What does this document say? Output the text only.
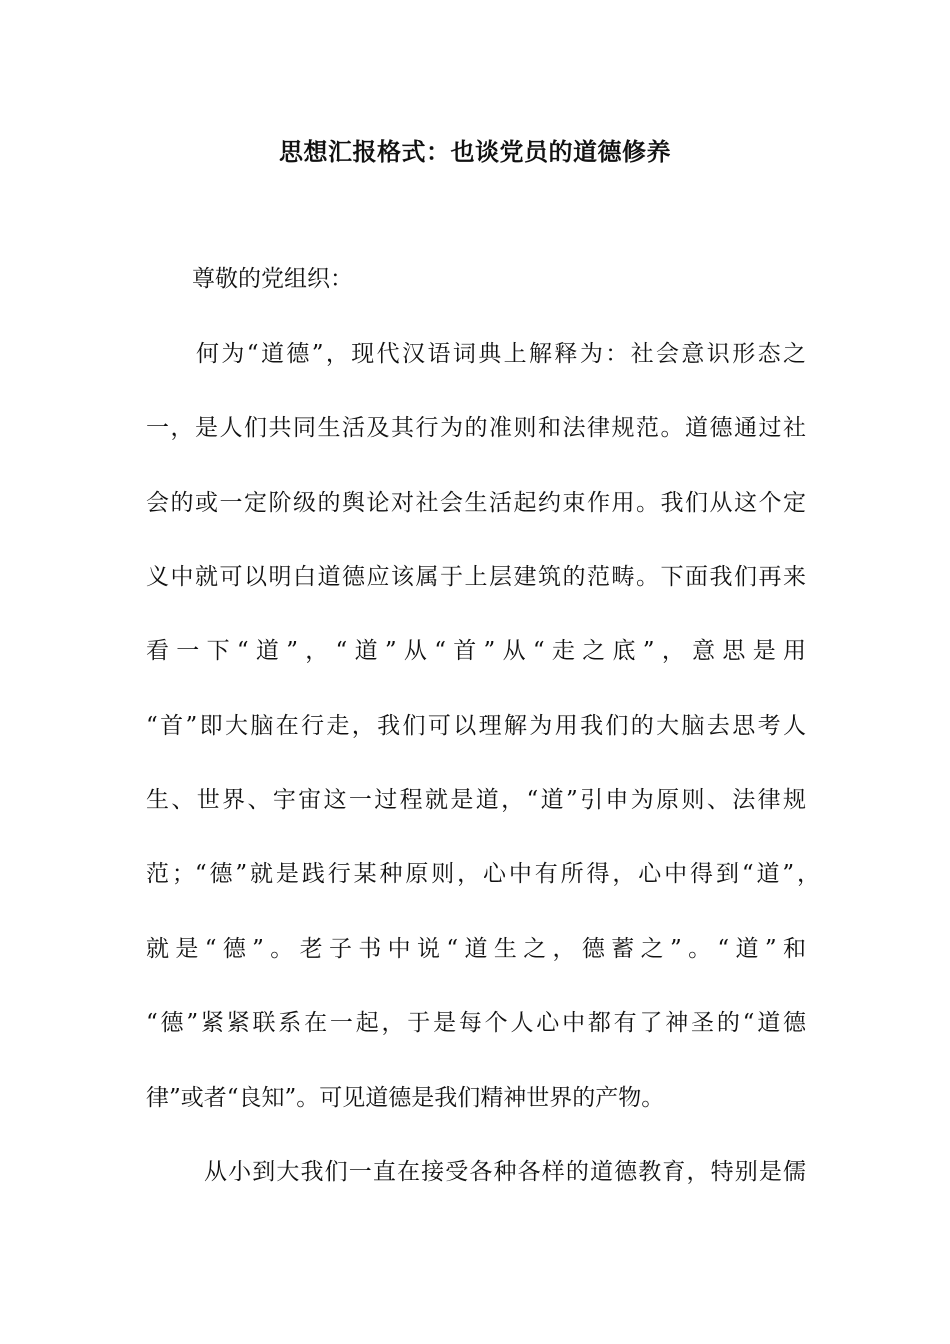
思想汇报格式：也谈党员的道德修养
尊敬的党组织：
何为“道德”，现代汉语词典上解释为：社会意识形态之
一，是人们共同生活及其行为的准则和法律规范。道德通过社
会的或一定阶级的舆论对社会生活起约束作用。我们从这个定
义中就可以明白道德应该属于上层建筑的范畴。下面我们再来
看一下“道”，“道”从“首”从“走之底”，意思是用
“首”即大脑在行走，我们可以理解为用我们的大脑去思考人
生、世界、宇宙这一过程就是道，“道”引申为原则、法律规
范；“德”就是践行某种原则，心中有所得，心中得到“道”，
就是“德”。老子书中说“道生之，德蓄之”。“道”和
“德”紧紧联系在一起，于是每个人心中都有了神圣的“道德
律”或者“良知”。可见道德是我们精神世界的产物。
从小到大我们一直在接受各种各样的道德教育，特别是儒
